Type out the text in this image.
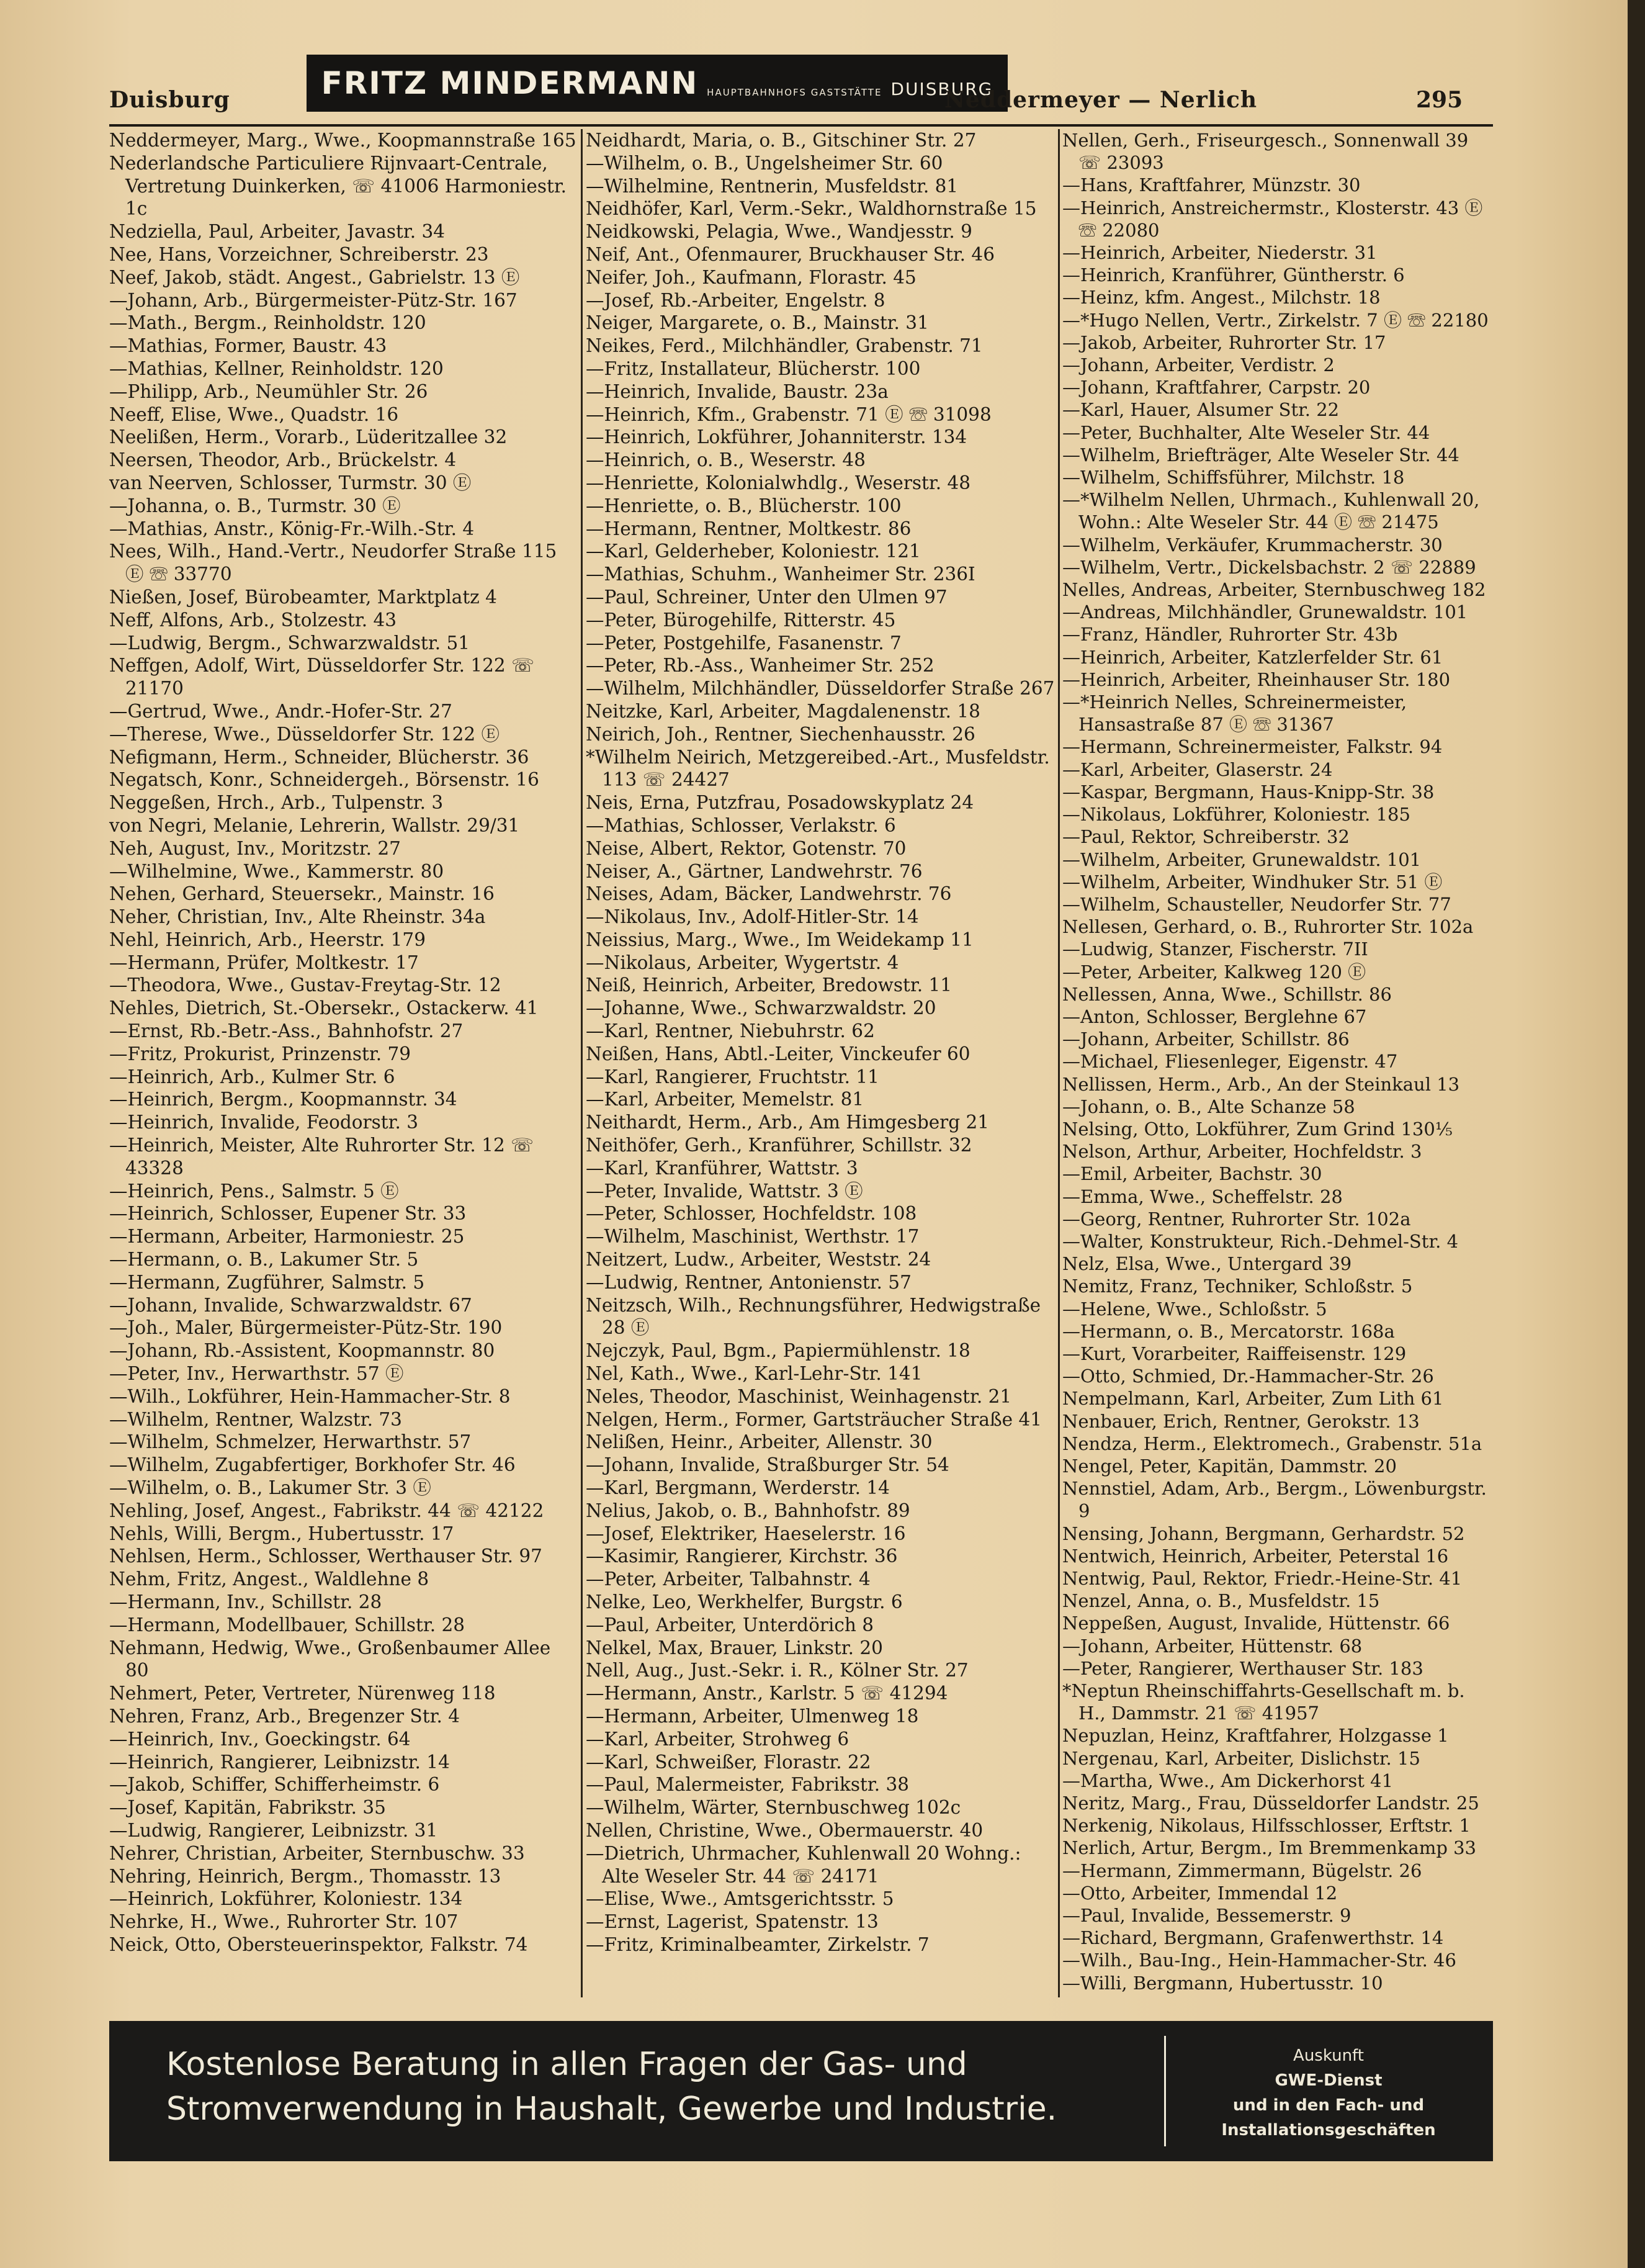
Duisburg	FRITZ MINDERMANN HAUPTBAHNHOFS GASTSTÄTTE DUISBURG
Neddermeyer — Nerlich	295
Neddermeyer, Marg., Wwe., Koopmannstraße 165
Nederlandsche Particuliere Rijnvaart-Centrale, Vertretung Duinkerken, ☏ 41006 Harmoniestr. 1c
Nedziella, Paul, Arbeiter, Javastr. 34
Nee, Hans, Vorzeichner, Schreiberstr. 23
Neef, Jakob, städt. Angest., Gabrielstr. 13 Ⓔ
—Johann, Arb., Bürgermeister-Pütz-Str. 167
—Math., Bergm., Reinholdstr. 120
—Mathias, Former, Baustr. 43
—Mathias, Kellner, Reinholdstr. 120
—Philipp, Arb., Neumühler Str. 26
Neeff, Elise, Wwe., Quadstr. 16
Neelißen, Herm., Vorarb., Lüderitzallee 32
Neersen, Theodor, Arb., Brückelstr. 4
van Neerven, Schlosser, Turmstr. 30 Ⓔ
—Johanna, o. B., Turmstr. 30 Ⓔ
—Mathias, Anstr., König-Fr.-Wilh.-Str. 4
Nees, Wilh., Hand.-Vertr., Neudorfer Straße 115 Ⓔ ☏ 33770
Nießen, Josef, Bürobeamter, Marktplatz 4
Neff, Alfons, Arb., Stolzestr. 43
—Ludwig, Bergm., Schwarzwaldstr. 51
Neffgen, Adolf, Wirt, Düsseldorfer Str. 122 ☏ 21170
—Gertrud, Wwe., Andr.-Hofer-Str. 27
—Therese, Wwe., Düsseldorfer Str. 122 Ⓔ
Nefigmann, Herm., Schneider, Blücherstr. 36
Negatsch, Konr., Schneidergeh., Börsenstr. 16
Neggeßen, Hrch., Arb., Tulpenstr. 3
von Negri, Melanie, Lehrerin, Wallstr. 29/31
Neh, August, Inv., Moritzstr. 27
—Wilhelmine, Wwe., Kammerstr. 80
Nehen, Gerhard, Steuersekr., Mainstr. 16
Neher, Christian, Inv., Alte Rheinstr. 34a
Nehl, Heinrich, Arb., Heerstr. 179
—Hermann, Prüfer, Moltkestr. 17
—Theodora, Wwe., Gustav-Freytag-Str. 12
Nehles, Dietrich, St.-Obersekr., Ostackerw. 41
—Ernst, Rb.-Betr.-Ass., Bahnhofstr. 27
—Fritz, Prokurist, Prinzenstr. 79
—Heinrich, Arb., Kulmer Str. 6
—Heinrich, Bergm., Koopmannstr. 34
—Heinrich, Invalide, Feodorstr. 3
—Heinrich, Meister, Alte Ruhrorter Str. 12 ☏ 43328
—Heinrich, Pens., Salmstr. 5 Ⓔ
—Heinrich, Schlosser, Eupener Str. 33
—Hermann, Arbeiter, Harmoniestr. 25
—Hermann, o. B., Lakumer Str. 5
—Hermann, Zugführer, Salmstr. 5
—Johann, Invalide, Schwarzwaldstr. 67
—Joh., Maler, Bürgermeister-Pütz-Str. 190
—Johann, Rb.-Assistent, Koopmannstr. 80
—Peter, Inv., Herwarthstr. 57 Ⓔ
—Wilh., Lokführer, Hein-Hammacher-Str. 8
—Wilhelm, Rentner, Walzstr. 73
—Wilhelm, Schmelzer, Herwarthstr. 57
—Wilhelm, Zugabfertiger, Borkhofer Str. 46
—Wilhelm, o. B., Lakumer Str. 3 Ⓔ
Nehling, Josef, Angest., Fabrikstr. 44 ☏ 42122
Nehls, Willi, Bergm., Hubertusstr. 17
Nehlsen, Herm., Schlosser, Werthauser Str. 97
Nehm, Fritz, Angest., Waldlehne 8
—Hermann, Inv., Schillstr. 28
—Hermann, Modellbauer, Schillstr. 28
Nehmann, Hedwig, Wwe., Großenbaumer Allee 80
Nehmert, Peter, Vertreter, Nürenweg 118
Nehren, Franz, Arb., Bregenzer Str. 4
—Heinrich, Inv., Goeckingstr. 64
—Heinrich, Rangierer, Leibnizstr. 14
—Jakob, Schiffer, Schifferheimstr. 6
—Josef, Kapitän, Fabrikstr. 35
—Ludwig, Rangierer, Leibnizstr. 31
Nehrer, Christian, Arbeiter, Sternbuschw. 33
Nehring, Heinrich, Bergm., Thomasstr. 13
—Heinrich, Lokführer, Koloniestr. 134
Nehrke, H., Wwe., Ruhrorter Str. 107
Neick, Otto, Obersteuerinspektor, Falkstr. 74
Neidhardt, Maria, o. B., Gitschiner Str. 27
—Wilhelm, o. B., Ungelsheimer Str. 60
—Wilhelmine, Rentnerin, Musfeldstr. 81
Neidhöfer, Karl, Verm.-Sekr., Waldhornstraße 15
Neidkowski, Pelagia, Wwe., Wandjesstr. 9
Neif, Ant., Ofenmaurer, Bruckhauser Str. 46
Neifer, Joh., Kaufmann, Florastr. 45
—Josef, Rb.-Arbeiter, Engelstr. 8
Neiger, Margarete, o. B., Mainstr. 31
Neikes, Ferd., Milchhändler, Grabenstr. 71
—Fritz, Installateur, Blücherstr. 100
—Heinrich, Invalide, Baustr. 23a
—Heinrich, Kfm., Grabenstr. 71 Ⓔ ☏ 31098
—Heinrich, Lokführer, Johanniterstr. 134
—Heinrich, o. B., Weserstr. 48
—Henriette, Kolonialwhdlg., Weserstr. 48
—Henriette, o. B., Blücherstr. 100
—Hermann, Rentner, Moltkestr. 86
—Karl, Gelderheber, Koloniestr. 121
—Mathias, Schuhm., Wanheimer Str. 236I
—Paul, Schreiner, Unter den Ulmen 97
—Peter, Bürogehilfe, Ritterstr. 45
—Peter, Postgehilfe, Fasanenstr. 7
—Peter, Rb.-Ass., Wanheimer Str. 252
—Wilhelm, Milchhändler, Düsseldorfer Straße 267
Neitzke, Karl, Arbeiter, Magdalenenstr. 18
Neirich, Joh., Rentner, Siechenhausstr. 26
*Wilhelm Neirich, Metzgereibed.-Art., Musfeldstr. 113 ☏ 24427
Neis, Erna, Putzfrau, Posadowskyplatz 24
—Mathias, Schlosser, Verlakstr. 6
Neise, Albert, Rektor, Gotenstr. 70
Neiser, A., Gärtner, Landwehrstr. 76
Neises, Adam, Bäcker, Landwehrstr. 76
—Nikolaus, Inv., Adolf-Hitler-Str. 14
Neissius, Marg., Wwe., Im Weidekamp 11
—Nikolaus, Arbeiter, Wygertstr. 4
Neiß, Heinrich, Arbeiter, Bredowstr. 11
—Johanne, Wwe., Schwarzwaldstr. 20
—Karl, Rentner, Niebuhrstr. 62
Neißen, Hans, Abtl.-Leiter, Vinckeufer 60
—Karl, Rangierer, Fruchtstr. 11
—Karl, Arbeiter, Memelstr. 81
Neithardt, Herm., Arb., Am Himgesberg 21
Neithöfer, Gerh., Kranführer, Schillstr. 32
—Karl, Kranführer, Wattstr. 3
—Peter, Invalide, Wattstr. 3 Ⓔ
—Peter, Schlosser, Hochfeldstr. 108
—Wilhelm, Maschinist, Werthstr. 17
Neitzert, Ludw., Arbeiter, Weststr. 24
—Ludwig, Rentner, Antonienstr. 57
Neitzsch, Wilh., Rechnungsführer, Hedwigstraße 28 Ⓔ
Nejczyk, Paul, Bgm., Papiermühlenstr. 18
Nel, Kath., Wwe., Karl-Lehr-Str. 141
Neles, Theodor, Maschinist, Weinhagenstr. 21
Nelgen, Herm., Former, Gartsträucher Straße 41
Nelißen, Heinr., Arbeiter, Allenstr. 30
—Johann, Invalide, Straßburger Str. 54
—Karl, Bergmann, Werderstr. 14
Nelius, Jakob, o. B., Bahnhofstr. 89
—Josef, Elektriker, Haeselerstr. 16
—Kasimir, Rangierer, Kirchstr. 36
—Peter, Arbeiter, Talbahnstr. 4
Nelke, Leo, Werkhelfer, Burgstr. 6
—Paul, Arbeiter, Unterdörich 8
Nelkel, Max, Brauer, Linkstr. 20
Nell, Aug., Just.-Sekr. i. R., Kölner Str. 27
—Hermann, Anstr., Karlstr. 5 ☏ 41294
—Hermann, Arbeiter, Ulmenweg 18
—Karl, Arbeiter, Strohweg 6
—Karl, Schweißer, Florastr. 22
—Paul, Malermeister, Fabrikstr. 38
—Wilhelm, Wärter, Sternbuschweg 102c
Nellen, Christine, Wwe., Obermauerstr. 40
—Dietrich, Uhrmacher, Kuhlenwall 20 Wohng.: Alte Weseler Str. 44 ☏ 24171
—Elise, Wwe., Amtsgerichtsstr. 5
—Ernst, Lagerist, Spatenstr. 13
—Fritz, Kriminalbeamter, Zirkelstr. 7
Nellen, Gerh., Friseurgesch., Sonnenwall 39 ☏ 23093
—Hans, Kraftfahrer, Münzstr. 30
—Heinrich, Anstreichermstr., Klosterstr. 43 Ⓔ ☏ 22080
—Heinrich, Arbeiter, Niederstr. 31
—Heinrich, Kranführer, Güntherstr. 6
—Heinz, kfm. Angest., Milchstr. 18
—*Hugo Nellen, Vertr., Zirkelstr. 7 Ⓔ ☏ 22180
—Jakob, Arbeiter, Ruhrorter Str. 17
—Johann, Arbeiter, Verdistr. 2
—Johann, Kraftfahrer, Carpstr. 20
—Karl, Hauer, Alsumer Str. 22
—Peter, Buchhalter, Alte Weseler Str. 44
—Wilhelm, Briefträger, Alte Weseler Str. 44
—Wilhelm, Schiffsführer, Milchstr. 18
—*Wilhelm Nellen, Uhrmach., Kuhlenwall 20, Wohn.: Alte Weseler Str. 44 Ⓔ ☏ 21475
—Wilhelm, Verkäufer, Krummacherstr. 30
—Wilhelm, Vertr., Dickelsbachstr. 2 ☏ 22889
Nelles, Andreas, Arbeiter, Sternbuschweg 182
—Andreas, Milchhändler, Grunewaldstr. 101
—Franz, Händler, Ruhrorter Str. 43b
—Heinrich, Arbeiter, Katzlerfelder Str. 61
—Heinrich, Arbeiter, Rheinhauser Str. 180
—*Heinrich Nelles, Schreinermeister, Hansastraße 87 Ⓔ ☏ 31367
—Hermann, Schreinermeister, Falkstr. 94
—Karl, Arbeiter, Glaserstr. 24
—Kaspar, Bergmann, Haus-Knipp-Str. 38
—Nikolaus, Lokführer, Koloniestr. 185
—Paul, Rektor, Schreiberstr. 32
—Wilhelm, Arbeiter, Grunewaldstr. 101
—Wilhelm, Arbeiter, Windhuker Str. 51 Ⓔ
—Wilhelm, Schausteller, Neudorfer Str. 77
Nellesen, Gerhard, o. B., Ruhrorter Str. 102a
—Ludwig, Stanzer, Fischerstr. 7II
—Peter, Arbeiter, Kalkweg 120 Ⓔ
Nellessen, Anna, Wwe., Schillstr. 86
—Anton, Schlosser, Berglehne 67
—Johann, Arbeiter, Schillstr. 86
—Michael, Fliesenleger, Eigenstr. 47
Nellissen, Herm., Arb., An der Steinkaul 13
—Johann, o. B., Alte Schanze 58
Nelsing, Otto, Lokführer, Zum Grind 130⅕
Nelson, Arthur, Arbeiter, Hochfeldstr. 3
—Emil, Arbeiter, Bachstr. 30
—Emma, Wwe., Scheffelstr. 28
—Georg, Rentner, Ruhrorter Str. 102a
—Walter, Konstrukteur, Rich.-Dehmel-Str. 4
Nelz, Elsa, Wwe., Untergard 39
Nemitz, Franz, Techniker, Schloßstr. 5
—Helene, Wwe., Schloßstr. 5
—Hermann, o. B., Mercatorstr. 168a
—Kurt, Vorarbeiter, Raiffeisenstr. 129
—Otto, Schmied, Dr.-Hammacher-Str. 26
Nempelmann, Karl, Arbeiter, Zum Lith 61
Nenbauer, Erich, Rentner, Gerokstr. 13
Nendza, Herm., Elektromech., Grabenstr. 51a
Nengel, Peter, Kapitän, Dammstr. 20
Nennstiel, Adam, Arb., Bergm., Löwenburgstr. 9
Nensing, Johann, Bergmann, Gerhardstr. 52
Nentwich, Heinrich, Arbeiter, Peterstal 16
Nentwig, Paul, Rektor, Friedr.-Heine-Str. 41
Nenzel, Anna, o. B., Musfeldstr. 15
Neppeßen, August, Invalide, Hüttenstr. 66
—Johann, Arbeiter, Hüttenstr. 68
—Peter, Rangierer, Werthauser Str. 183
*Neptun Rheinschiffahrts-Gesellschaft m. b. H., Dammstr. 21 ☏ 41957
Nepuzlan, Heinz, Kraftfahrer, Holzgasse 1
Nergenau, Karl, Arbeiter, Dislichstr. 15
—Martha, Wwe., Am Dickerhorst 41
Neritz, Marg., Frau, Düsseldorfer Landstr. 25
Nerkenig, Nikolaus, Hilfsschlosser, Erftstr. 1
Nerlich, Artur, Bergm., Im Bremmenkamp 33
—Hermann, Zimmermann, Bügelstr. 26
—Otto, Arbeiter, Immendal 12
—Paul, Invalide, Bessemerstr. 9
—Richard, Bergmann, Grafenwerthstr. 14
—Wilh., Bau-Ing., Hein-Hammacher-Str. 46
—Willi, Bergmann, Hubertusstr. 10
Kostenlose Beratung in allen Fragen der Gas- und
Stromverwendung in Haushalt, Gewerbe und Industrie.
Auskunft
GWE-Dienst
und in den Fach- und
Installationsgeschäften
